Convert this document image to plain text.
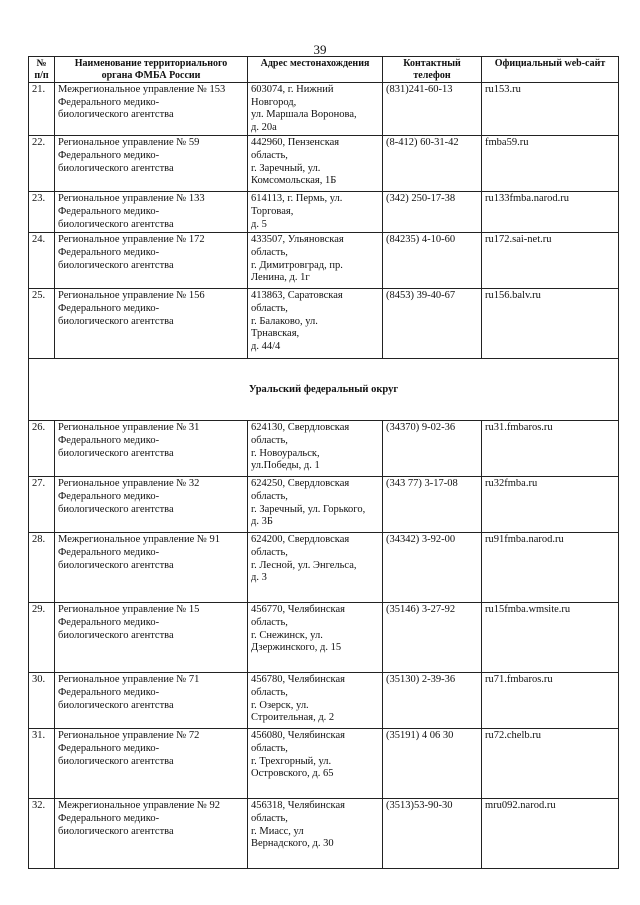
39
№
п/п	Наименование территориального
органа ФМБА России	Адрес местонахождения	Контактный
телефон	Официальный web-сайт
21.	Межрегиональное управление № 153
Федерального медико-
биологического агентства	603074, г. Нижний
Новгород,
ул. Маршала Воронова,
д. 20а	(831)241-60-13	ru153.ru
22.	Региональное управление № 59
Федерального медико-
биологического агентства	442960, Пензенская
область,
г. Заречный, ул.
Комсомольская, 1Б	(8-412) 60-31-42	fmba59.ru
23.	Региональное управление № 133
Федерального медико-
биологического агентства	614113, г. Пермь, ул.
Торговая,
д. 5	(342) 250-17-38	ru133fmba.narod.ru
24.	Региональное управление № 172
Федерального медико-
биологического агентства	433507, Ульяновская
область,
г. Димитровград, пр.
Ленина, д. 1г	(84235) 4-10-60	ru172.sai-net.ru
25.	Региональное управление № 156
Федерального медико-
биологического агентства	413863, Саратовская
область,
г. Балаково, ул.
Трнавская,
д. 44/4	(8453) 39-40-67	ru156.balv.ru
Уральский федеральный округ				
26.	Региональное управление № 31
Федерального медико-
биологического агентства	624130, Свердловская
область,
г. Новоуральск,
ул.Победы, д. 1	(34370) 9-02-36	ru31.fmbaros.ru
27.	Региональное управление № 32
Федерального медико-
биологического агентства	624250, Свердловская
область,
г. Заречный, ул. Горького,
д. 3Б	(343 77) 3-17-08	ru32fmba.ru
28.	Межрегиональное управление № 91
Федерального медико-
биологического агентства	624200, Свердловская
область,
г. Лесной, ул. Энгельса,
д. 3	(34342) 3-92-00	ru91fmba.narod.ru
29.	Региональное управление № 15
Федерального медико-
биологического агентства	456770, Челябинская
область,
г. Снежинск, ул.
Дзержинского, д. 15	(35146) 3-27-92	ru15fmba.wmsite.ru
30.	Региональное управление № 71
Федерального медико-
биологического агентства	456780, Челябинская
область,
г. Озерск, ул.
Строительная, д. 2	(35130) 2-39-36	ru71.fmbaros.ru
31.	Региональное управление № 72
Федерального медико-
биологического агентства	456080, Челябинская
область,
г. Трехгорный, ул.
Островского, д. 65	(35191) 4 06 30	ru72.chelb.ru
32.	Межрегиональное управление № 92
Федерального медико-
биологического агентства	456318, Челябинская
область,
г. Миасс, ул
Вернадского, д. 30	(3513)53-90-30	mru092.narod.ru
